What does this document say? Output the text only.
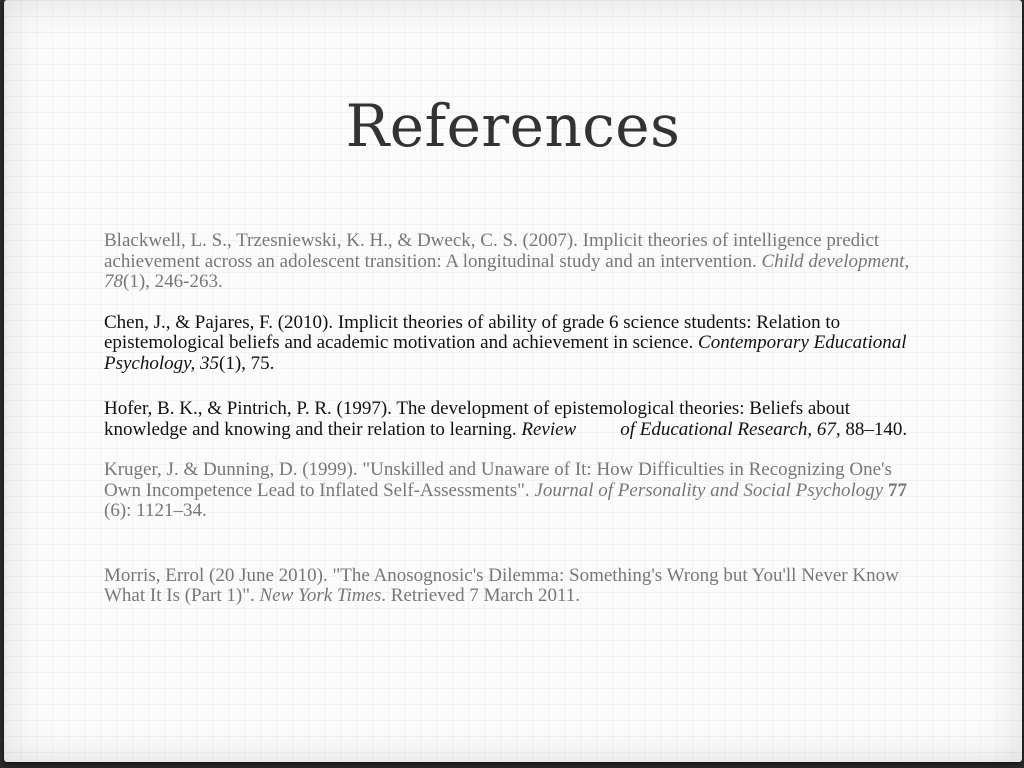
References

Blackwell, L. S., Trzesniewski, K. H., & Dweck, C. S. (2007). Implicit theories of intelligence predict achievement across an adolescent transition: A longitudinal study and an intervention. Child development, 78(1), 246-263.

Chen, J., & Pajares, F. (2010). Implicit theories of ability of grade 6 science students: Relation to epistemological beliefs and academic motivation and achievement in science. Contemporary Educational Psychology, 35(1), 75.

Hofer, B. K., & Pintrich, P. R. (1997). The development of epistemological theories: Beliefs about knowledge and knowing and their relation to learning. Review of Educational Research, 67, 88–140.

Kruger, J. & Dunning, D. (1999). "Unskilled and Unaware of It: How Difficulties in Recognizing One's Own Incompetence Lead to Inflated Self-Assessments". Journal of Personality and Social Psychology 77 (6): 1121–34.

Morris, Errol (20 June 2010). "The Anosognosic's Dilemma: Something's Wrong but You'll Never Know What It Is (Part 1)". New York Times. Retrieved 7 March 2011.
